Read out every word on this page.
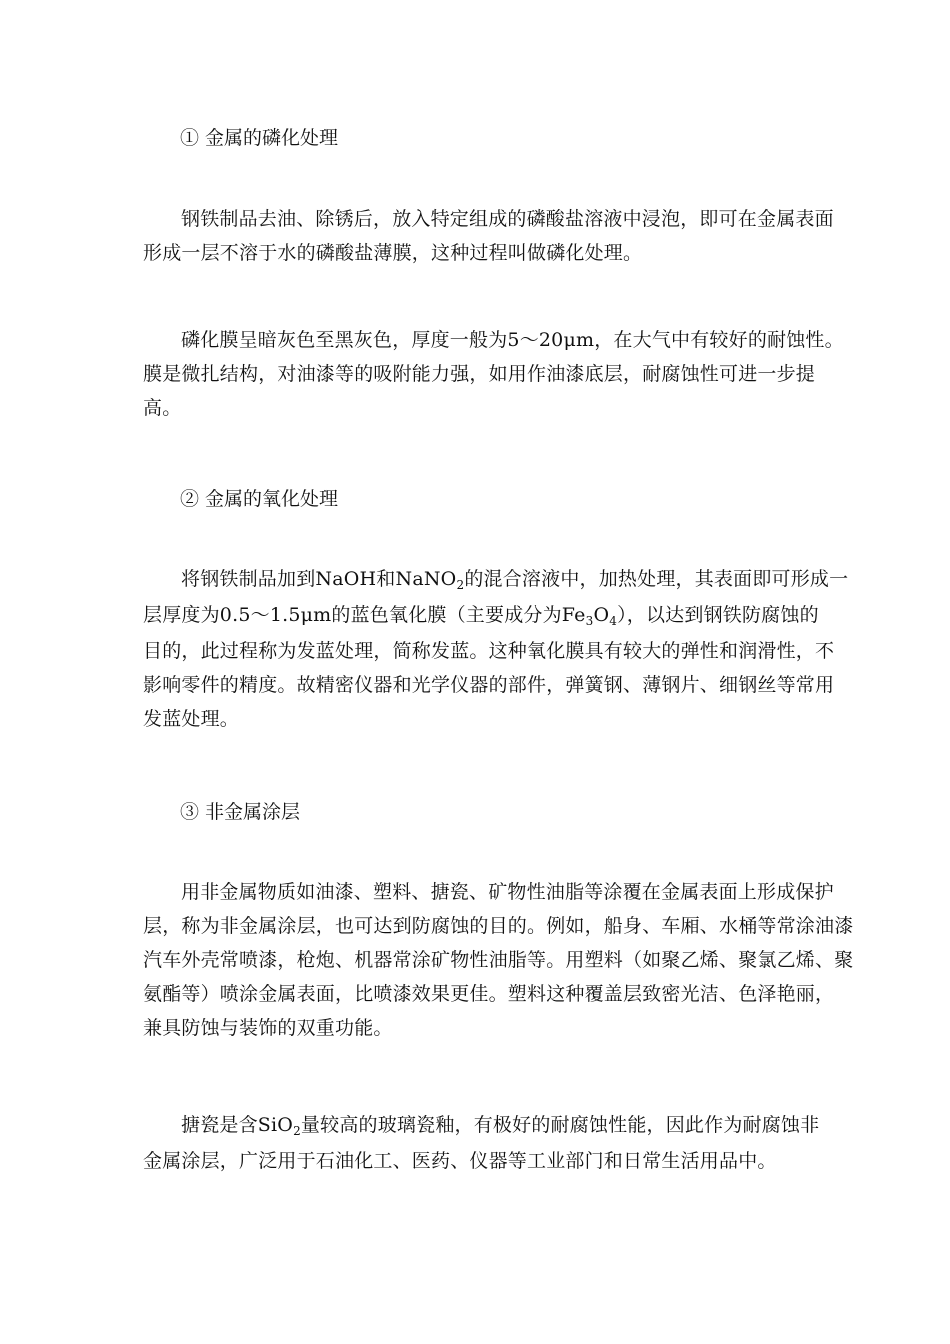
① 金属的磷化处理
钢铁制品去油、除锈后，放入特定组成的磷酸盐溶液中浸泡，即可在金属表面
形成一层不溶于水的磷酸盐薄膜，这种过程叫做磷化处理。
磷化膜呈暗灰色至黑灰色，厚度一般为5～20μm，在大气中有较好的耐蚀性。
膜是微扎结构，对油漆等的吸附能力强，如用作油漆底层，耐腐蚀性可进一步提
高。
② 金属的氧化处理
将钢铁制品加到NaOH和NaNO$_2$的混合溶液中，加热处理，其表面即可形成一
层厚度为0.5～1.5μm的蓝色氧化膜（主要成分为$Fe_3O_4$），以达到钢铁防腐蚀的
目的，此过程称为发蓝处理，简称发蓝。这种氧化膜具有较大的弹性和润滑性，不
影响零件的精度。故精密仪器和光学仪器的部件，弹簧钢、薄钢片、细钢丝等常用
发蓝处理。
③ 非金属涂层
用非金属物质如油漆、塑料、搪瓷、矿物性油脂等涂覆在金属表面上形成保护
层，称为非金属涂层，也可达到防腐蚀的目的。例如，船身、车厢、水桶等常涂油漆
汽车外壳常喷漆，枪炮、机器常涂矿物性油脂等。用塑料（如聚乙烯、聚氯乙烯、聚
氨酯等）喷涂金属表面，比喷漆效果更佳。塑料这种覆盖层致密光洁、色泽艳丽，
兼具防蚀与装饰的双重功能。
搪瓷是含SiO$_2$量较高的玻璃瓷釉，有极好的耐腐蚀性能，因此作为耐腐蚀非
金属涂层，广泛用于石油化工、医药、仪器等工业部门和日常生活用品中。
